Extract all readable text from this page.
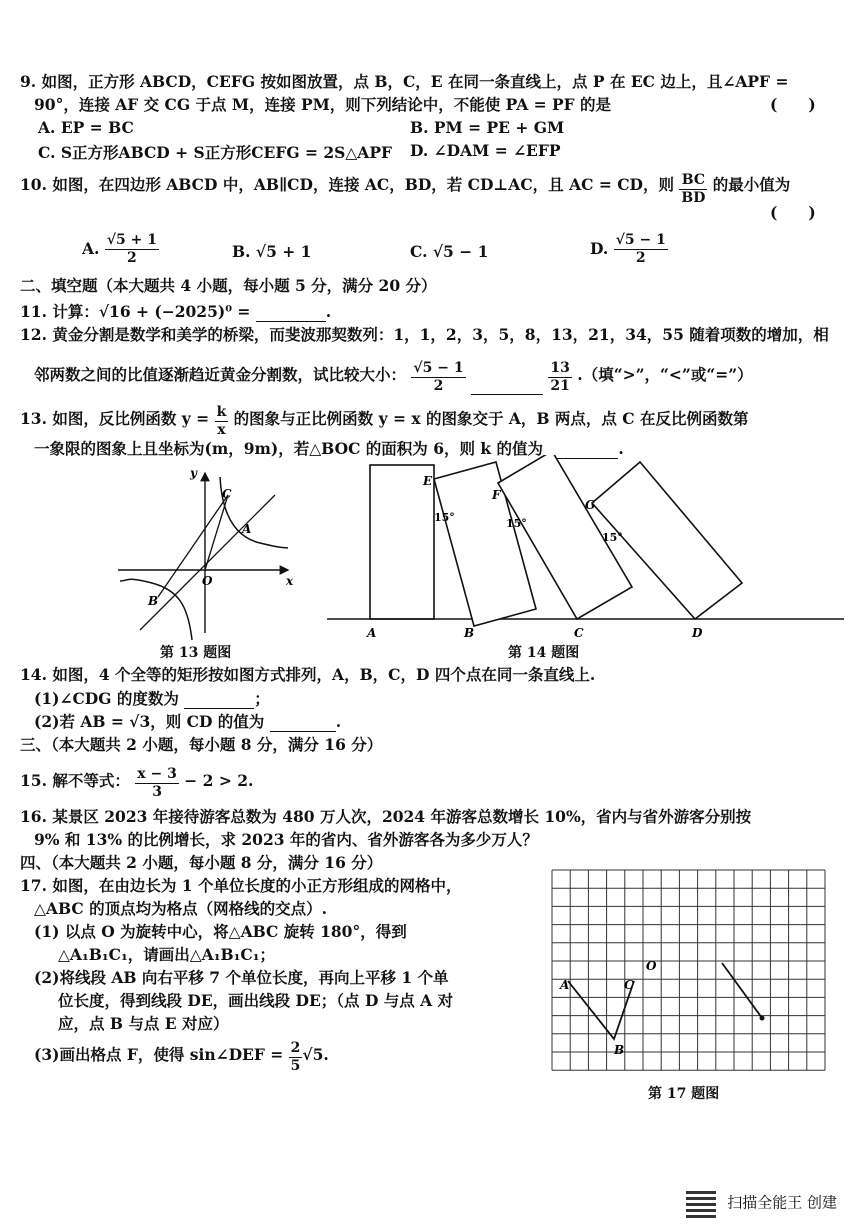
9. 如图，正方形 ABCD，CEFG 按如图放置，点 B，C，E 在同一条直线上，点 P 在 EC 边上，且∠APF =
90°，连接 AF 交 CG 于点 M，连接 PM，则下列结论中，不能使 PA = PF 的是	(　　)
A. EP = BC	B. PM = PE + GM
C. S正方形ABCD + S正方形CEFG = 2S△APF D. ∠DAM = ∠EFP
10. 如图，在四边形 ABCD 中，AB∥CD，连接 AC，BD，若 CD⊥AC，且 AC = CD，则 $\frac{BC}{BD}$ 的最小值为
(　　)
A. $\frac{√5 + 1}{2}$	B. √5 + 1	C. √5 − 1	D. $\frac{√5 - 1}{2}$
二、填空题（本大题共 4 小题，每小题 5 分，满分 20 分）
11. 计算：√16 + (−2025)⁰ =	.
12. 黄金分割是数学和美学的桥梁，而斐波那契数列：1，1，2，3，5，8，13，21，34，55 随着项数的增加，相
邻两数之间的比值逐渐趋近黄金分割数，试比较大小： $\frac{√5 - 1}{2}$
	$\frac{13}{21}$ .（填“>”，“<”或“=”）
13. 如图，反比例函数 $y = \frac{k}{x}$ 的图象与正比例函数 y = x 的图象交于 A，B 两点，点 C 在反比例函数第
一象限的图象上且坐标为(m，9m)，若△BOC 的面积为 6，则 k 的值为	.
y
x
O
A
B
C
第 13 题图
A	B	C	D
E
F
G
15°	15°
15°
第 14 题图
14. 如图，4 个全等的矩形按如图方式排列，A，B，C，D 四个点在同一条直线上.
(1)∠CDG 的度数为	；
(2)若 AB = √3，则 CD 的值为	.
三、（本大题共 2 小题，每小题 8 分，满分 16 分）
15. 解不等式： $\frac{x - 3}{3} - 2 > 2$.
16. 某景区 2023 年接待游客总数为 480 万人次，2024 年游客总数增长 10%，省内与省外游客分别按
9% 和 13% 的比例增长，求 2023 年的省内、省外游客各为多少万人？
四、（本大题共 2 小题，每小题 8 分，满分 16 分）
17. 如图，在由边长为 1 个单位长度的小正方形组成的网格中，
△ABC 的顶点均为格点（网格线的交点）.
(1) 以点 O 为旋转中心，将△ABC 旋转 180°，得到
△A₁B₁C₁，请画出△A₁B₁C₁；
(2)将线段 AB 向右平移 7 个单位长度，再向上平移 1 个单
位长度，得到线段 DE，画出线段 DE；（点 D 与点 A 对
应，点 B 与点 E 对应）
(3)画出格点 F，使得 sin∠DEF = $\frac{2}{5} √5$.
A
B
C
O
第 17 题图
扫描全能王 创建
